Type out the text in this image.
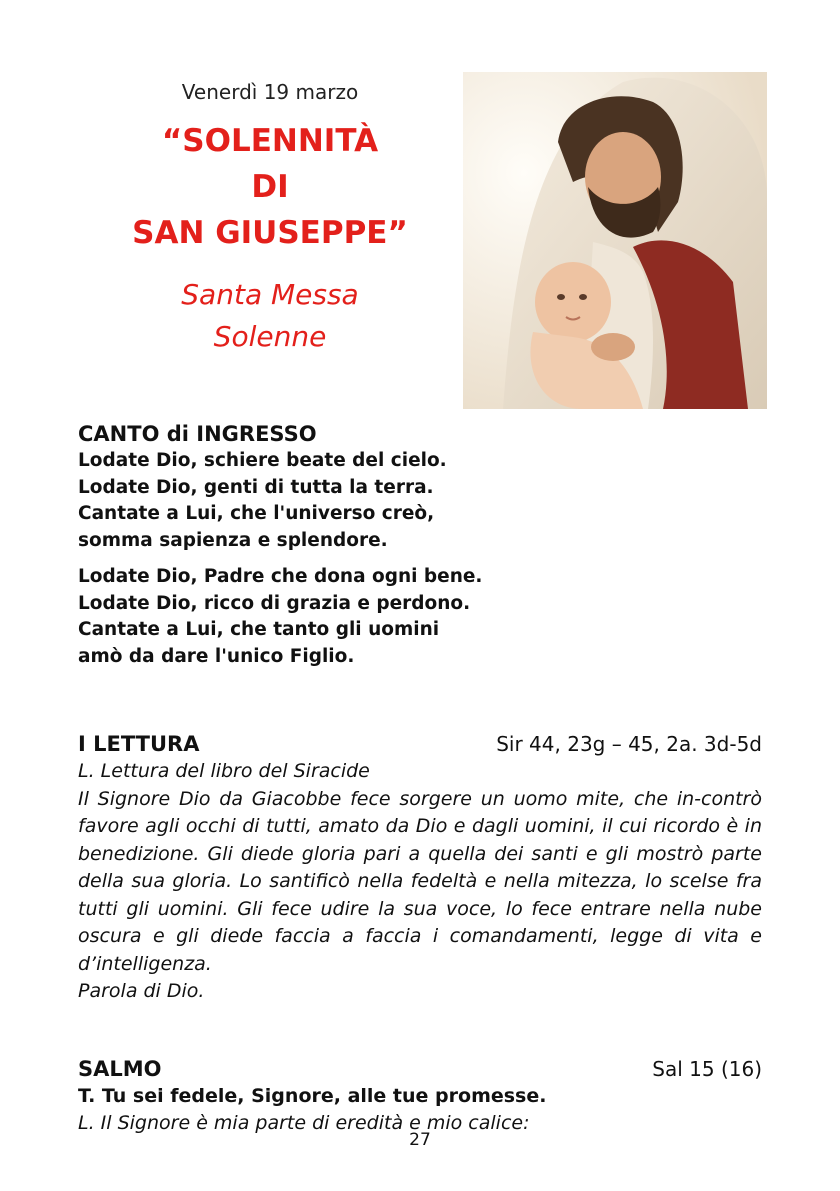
Venerdì 19 marzo
“SOLENNITÀ
DI
SAN GIUSEPPE”
Santa Messa
Solenne
CANTO di INGRESSO
Lodate Dio, schiere beate del cielo.
Lodate Dio, genti di tutta la terra.
Cantate a Lui, che l'universo creò,
somma sapienza e splendore.
Lodate Dio, Padre che dona ogni bene.
Lodate Dio, ricco di grazia e perdono.
Cantate a Lui, che tanto gli uomini
amò da dare l'unico Figlio.
I LETTURA	Sir 44, 23g – 45, 2a. 3d-5d
L. Lettura del libro del Siracide
Il Signore Dio da Giacobbe fece sorgere un uomo mite, che in-contrò favore agli occhi di tutti, amato da Dio e dagli uomini, il cui ricordo è in benedizione. Gli diede gloria pari a quella dei santi e gli mostrò parte della sua gloria. Lo santificò nella fedeltà e nella mitezza, lo scelse fra tutti gli uomini. Gli fece udire la sua voce, lo fece entrare nella nube oscura e gli diede faccia a faccia i comandamenti, legge di vita e d’intelligenza.
Parola di Dio.
SALMO	Sal 15 (16)
T. Tu sei fedele, Signore, alle tue promesse.
L. Il Signore è mia parte di eredità e mio calice:
27
